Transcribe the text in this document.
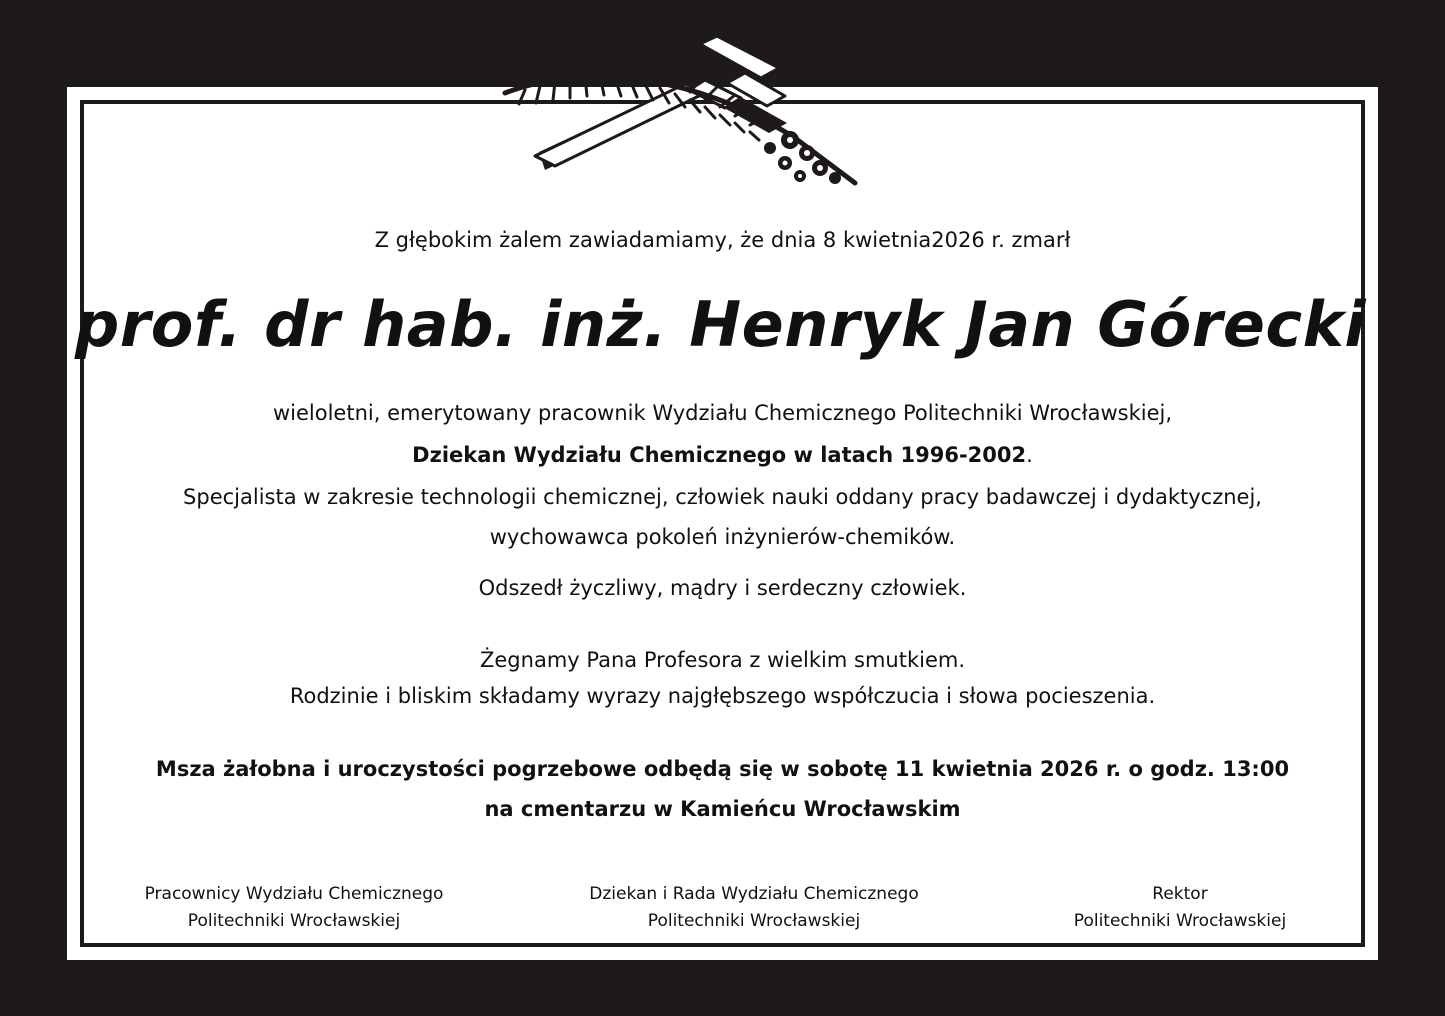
Z głębokim żalem zawiadamiamy, że dnia 8 kwietnia2026 r. zmarł
prof. dr hab. inż. Henryk Jan Górecki
wieloletni, emerytowany pracownik Wydziału Chemicznego Politechniki Wrocławskiej,
Dziekan Wydziału Chemicznego w latach 1996-2002.
Specjalista w zakresie technologii chemicznej, człowiek nauki oddany pracy badawczej i dydaktycznej,
wychowawca pokoleń inżynierów-chemików.
Odszedł życzliwy, mądry i serdeczny człowiek.
Żegnamy Pana Profesora z wielkim smutkiem.
Rodzinie i bliskim składamy wyrazy najgłębszego współczucia i słowa pocieszenia.
Msza żałobna i uroczystości pogrzebowe odbędą się w sobotę 11 kwietnia 2026 r. o godz. 13:00
na cmentarzu w Kamieńcu Wrocławskim
Pracownicy Wydziału Chemicznego
Politechniki Wrocławskiej
Dziekan i Rada Wydziału Chemicznego
Politechniki Wrocławskiej
Rektor
Politechniki Wrocławskiej
